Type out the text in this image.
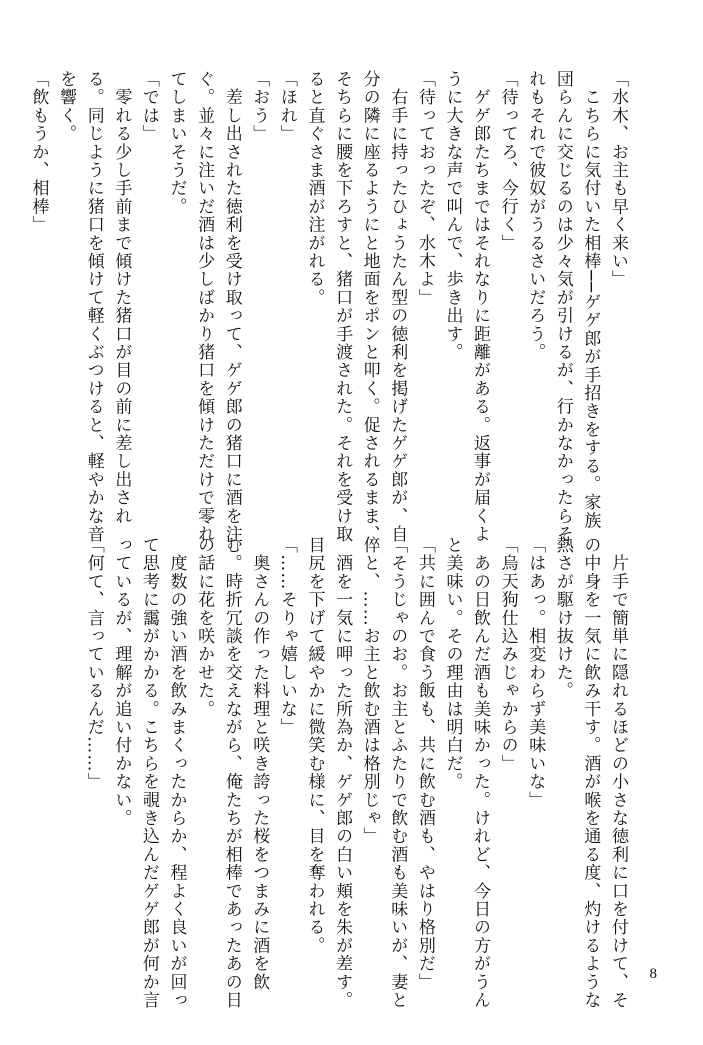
「水木、お主も早く来い」
　こちらに気付いた相棒──ゲゲ郎が手招きをする。家族
団らんに交じるのは少々気が引けるが、行かなかったらそ
れもそれで彼奴がうるさいだろう。
「待ってろ、今行く」
　ゲゲ郎たちまではそれなりに距離がある。返事が届くよ
うに大きな声で叫んで、歩き出す。
「待っておったぞ、水木よ」
　右手に持ったひょうたん型の徳利を掲げたゲゲ郎が、自
分の隣に座るようにと地面をポンと叩く。促されるまま、
そちらに腰を下ろすと、猪口が手渡された。それを受け取
ると直ぐさま酒が注がれる。
「ほれ」
「おう」
　差し出された徳利を受け取って、ゲゲ郎の猪口に酒を注
ぐ。並々に注いだ酒は少しばかり猪口を傾けただけで零れ
てしまいそうだ。
「では」
　零れる少し手前まで傾けた猪口が目の前に差し出され
る。同じように猪口を傾けて軽くぶつけると、軽やかな音
を響く。
「飲もうか、相棒」
　片手で簡単に隠れるほどの小さな徳利に口を付けて、そ
の中身を一気に飲み干す。酒が喉を通る度、灼けるような
熱さが駆け抜けた。
「はあっ。相変わらず美味いな」
「烏天狗仕込みじゃからの」
　あの日飲んだ酒も美味かった。けれど、今日の方がうん
と美味い。その理由は明白だ。
「共に囲んで食う飯も、共に飲む酒も、やはり格別だ」
「そうじゃのお。お主とふたりで飲む酒も美味いが、妻と
倅と、……お主と飲む酒は格別じゃ」
　酒を一気に呷った所為か、ゲゲ郎の白い頬を朱が差す。
目尻を下げて緩やかに微笑む様に、目を奪われる。
「……そりゃ嬉しいな」
　奥さんの作った料理と咲き誇った桜をつまみに酒を飲
む。時折冗談を交えながら、俺たちが相棒であったあの日
の話に花を咲かせた。
　度数の強い酒を飲みまくったからか、程よく良いが回っ
て思考に靄がかかる。こちらを覗き込んだゲゲ郎が何か言
っているが、理解が追い付かない。
「何て、言っているんだ……」
8
